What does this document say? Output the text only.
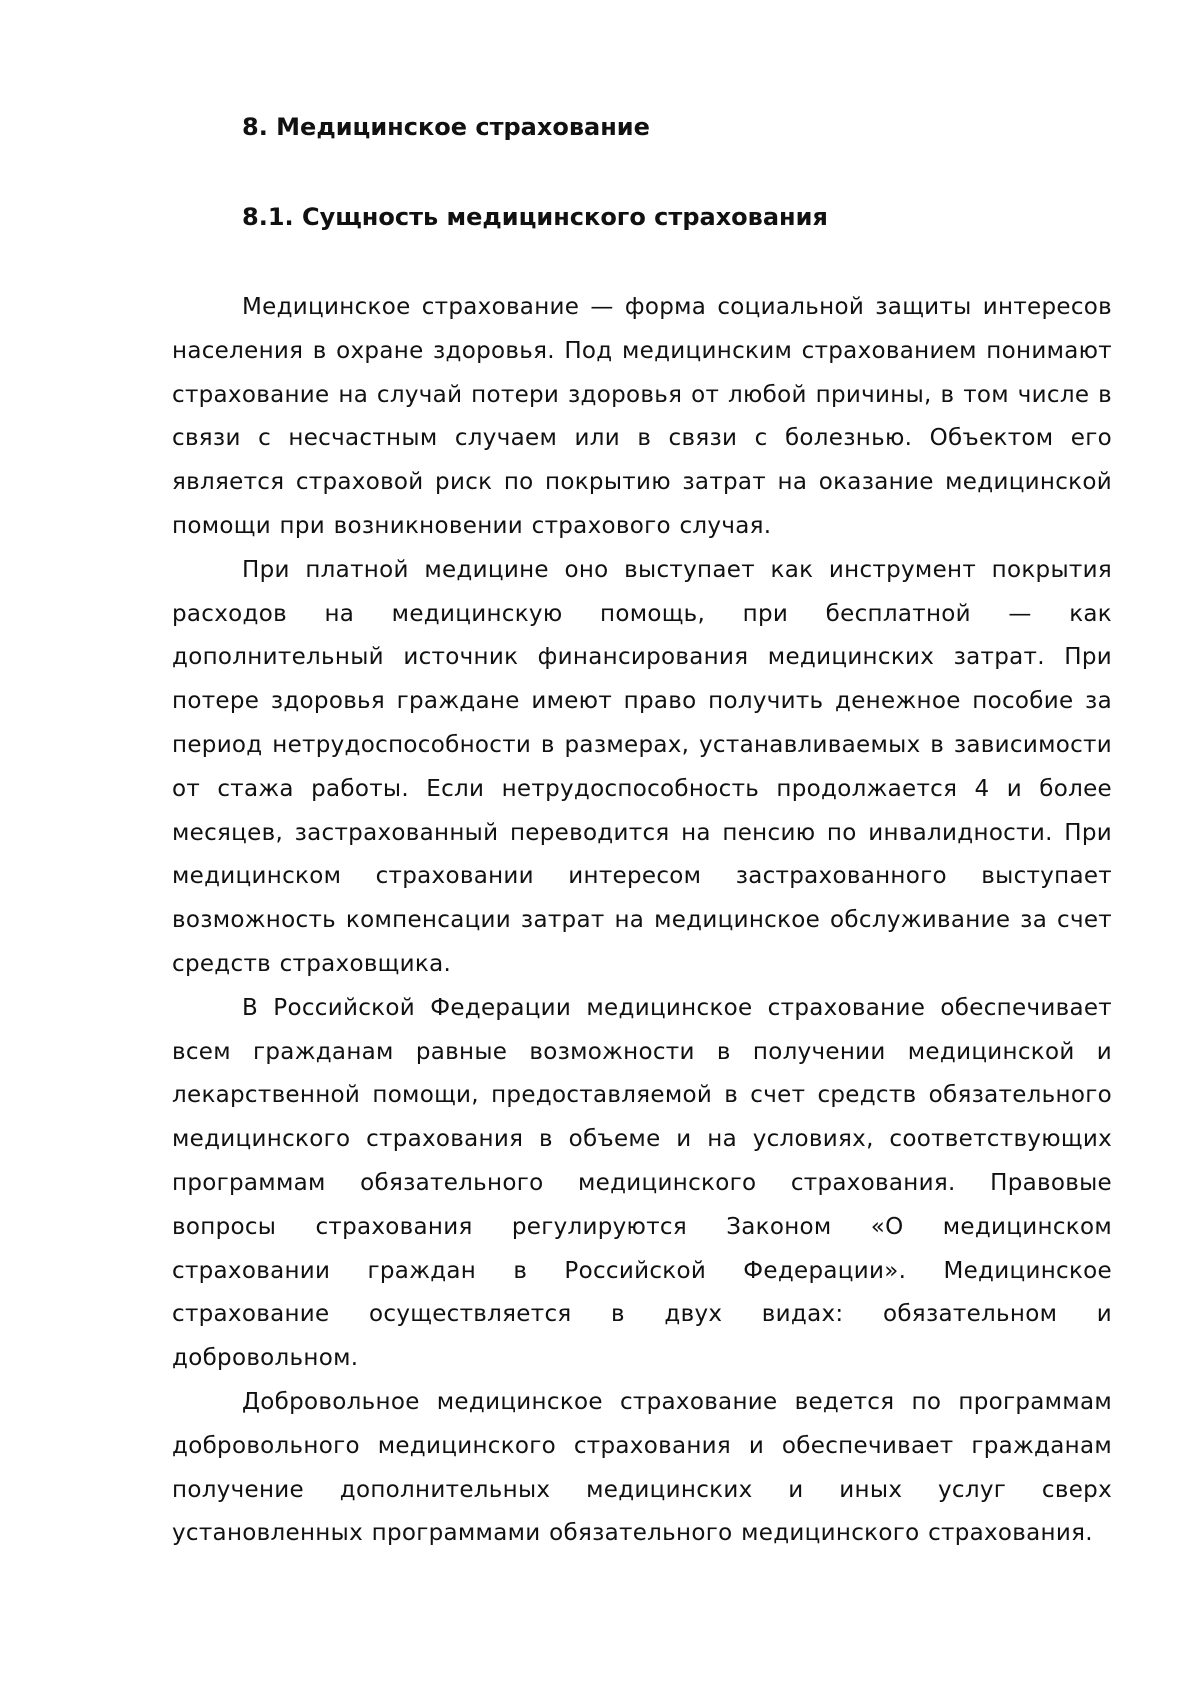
8. Медицинское страхование
8.1. Сущность медицинского страхования

Медицинское страхование — форма социальной защиты интересов населения в охране здоровья. Под медицинским страхованием понимают страхование на случай потери здоровья от любой причины, в том числе в связи с несчастным случаем или в связи с болезнью. Объектом его является страховой риск по покрытию затрат на оказание медицинской помощи при возникновении страхового случая.

При платной медицине оно выступает как инструмент покрытия расходов на медицинскую помощь, при бесплатной — как дополнительный источник финансирования медицинских затрат. При потере здоровья граждане имеют право получить денежное пособие за период нетрудоспособности в размерах, устанавливаемых в зависимости от стажа работы. Если нетрудоспособность продолжается 4 и более месяцев, застрахованный переводится на пенсию по инвалидности. При медицинском страховании интересом застрахованного выступает возможность компенсации затрат на медицинское обслуживание за счет средств страховщика.

В Российской Федерации медицинское страхование обеспечивает всем гражданам равные возможности в получении медицинской и лекарственной помощи, предоставляемой в счет средств обязательного медицинского страхования в объеме и на условиях, соответствующих программам обязательного медицинского страхования. Правовые вопросы страхования регулируются Законом «О медицинском страховании граждан в Российской Федерации». Медицинское страхование осуществляется в двух видах: обязательном и добровольном.

Добровольное медицинское страхование ведется по программам добровольного медицинского страхования и обеспечивает гражданам получение дополнительных медицинских и иных услуг сверх установленных программами обязательного медицинского страхования.
